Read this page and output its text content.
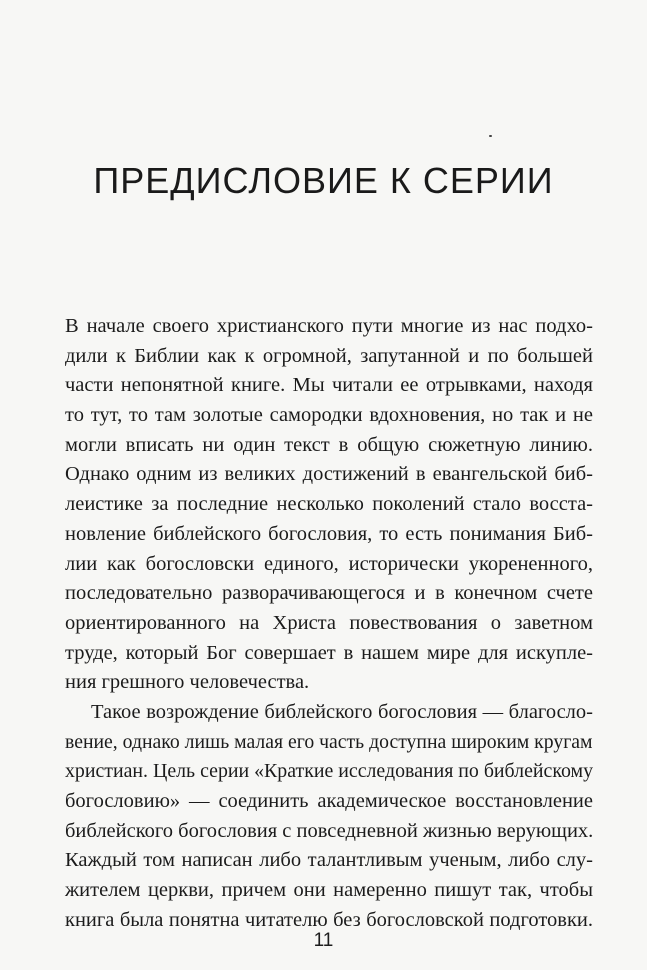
ПРЕДИСЛОВИЕ К СЕРИИ
В начале своего христианского пути многие из нас подхо-
дили к Библии как к огромной, запутанной и по большей
части непонятной книге. Мы читали ее отрывками, находя
то тут, то там золотые самородки вдохновения, но так и не
могли вписать ни один текст в общую сюжетную линию.
Однако одним из великих достижений в евангельской биб-
леистике за последние несколько поколений стало восста-
новление библейского богословия, то есть понимания Биб-
лии как богословски единого, исторически укорененного,
последовательно разворачивающегося и в конечном счете
ориентированного на Христа повествования о заветном
труде, который Бог совершает в нашем мире для искупле-
ния грешного человечества.
Такое возрождение библейского богословия — благосло-
вение, однако лишь малая его часть доступна широким кругам
христиан. Цель серии «Краткие исследования по библейскому
богословию» — соединить академическое восстановление
библейского богословия с повседневной жизнью верующих.
Каждый том написан либо талантливым ученым, либо слу-
жителем церкви, причем они намеренно пишут так, чтобы
книга была понятна читателю без богословской подготовки.
11
